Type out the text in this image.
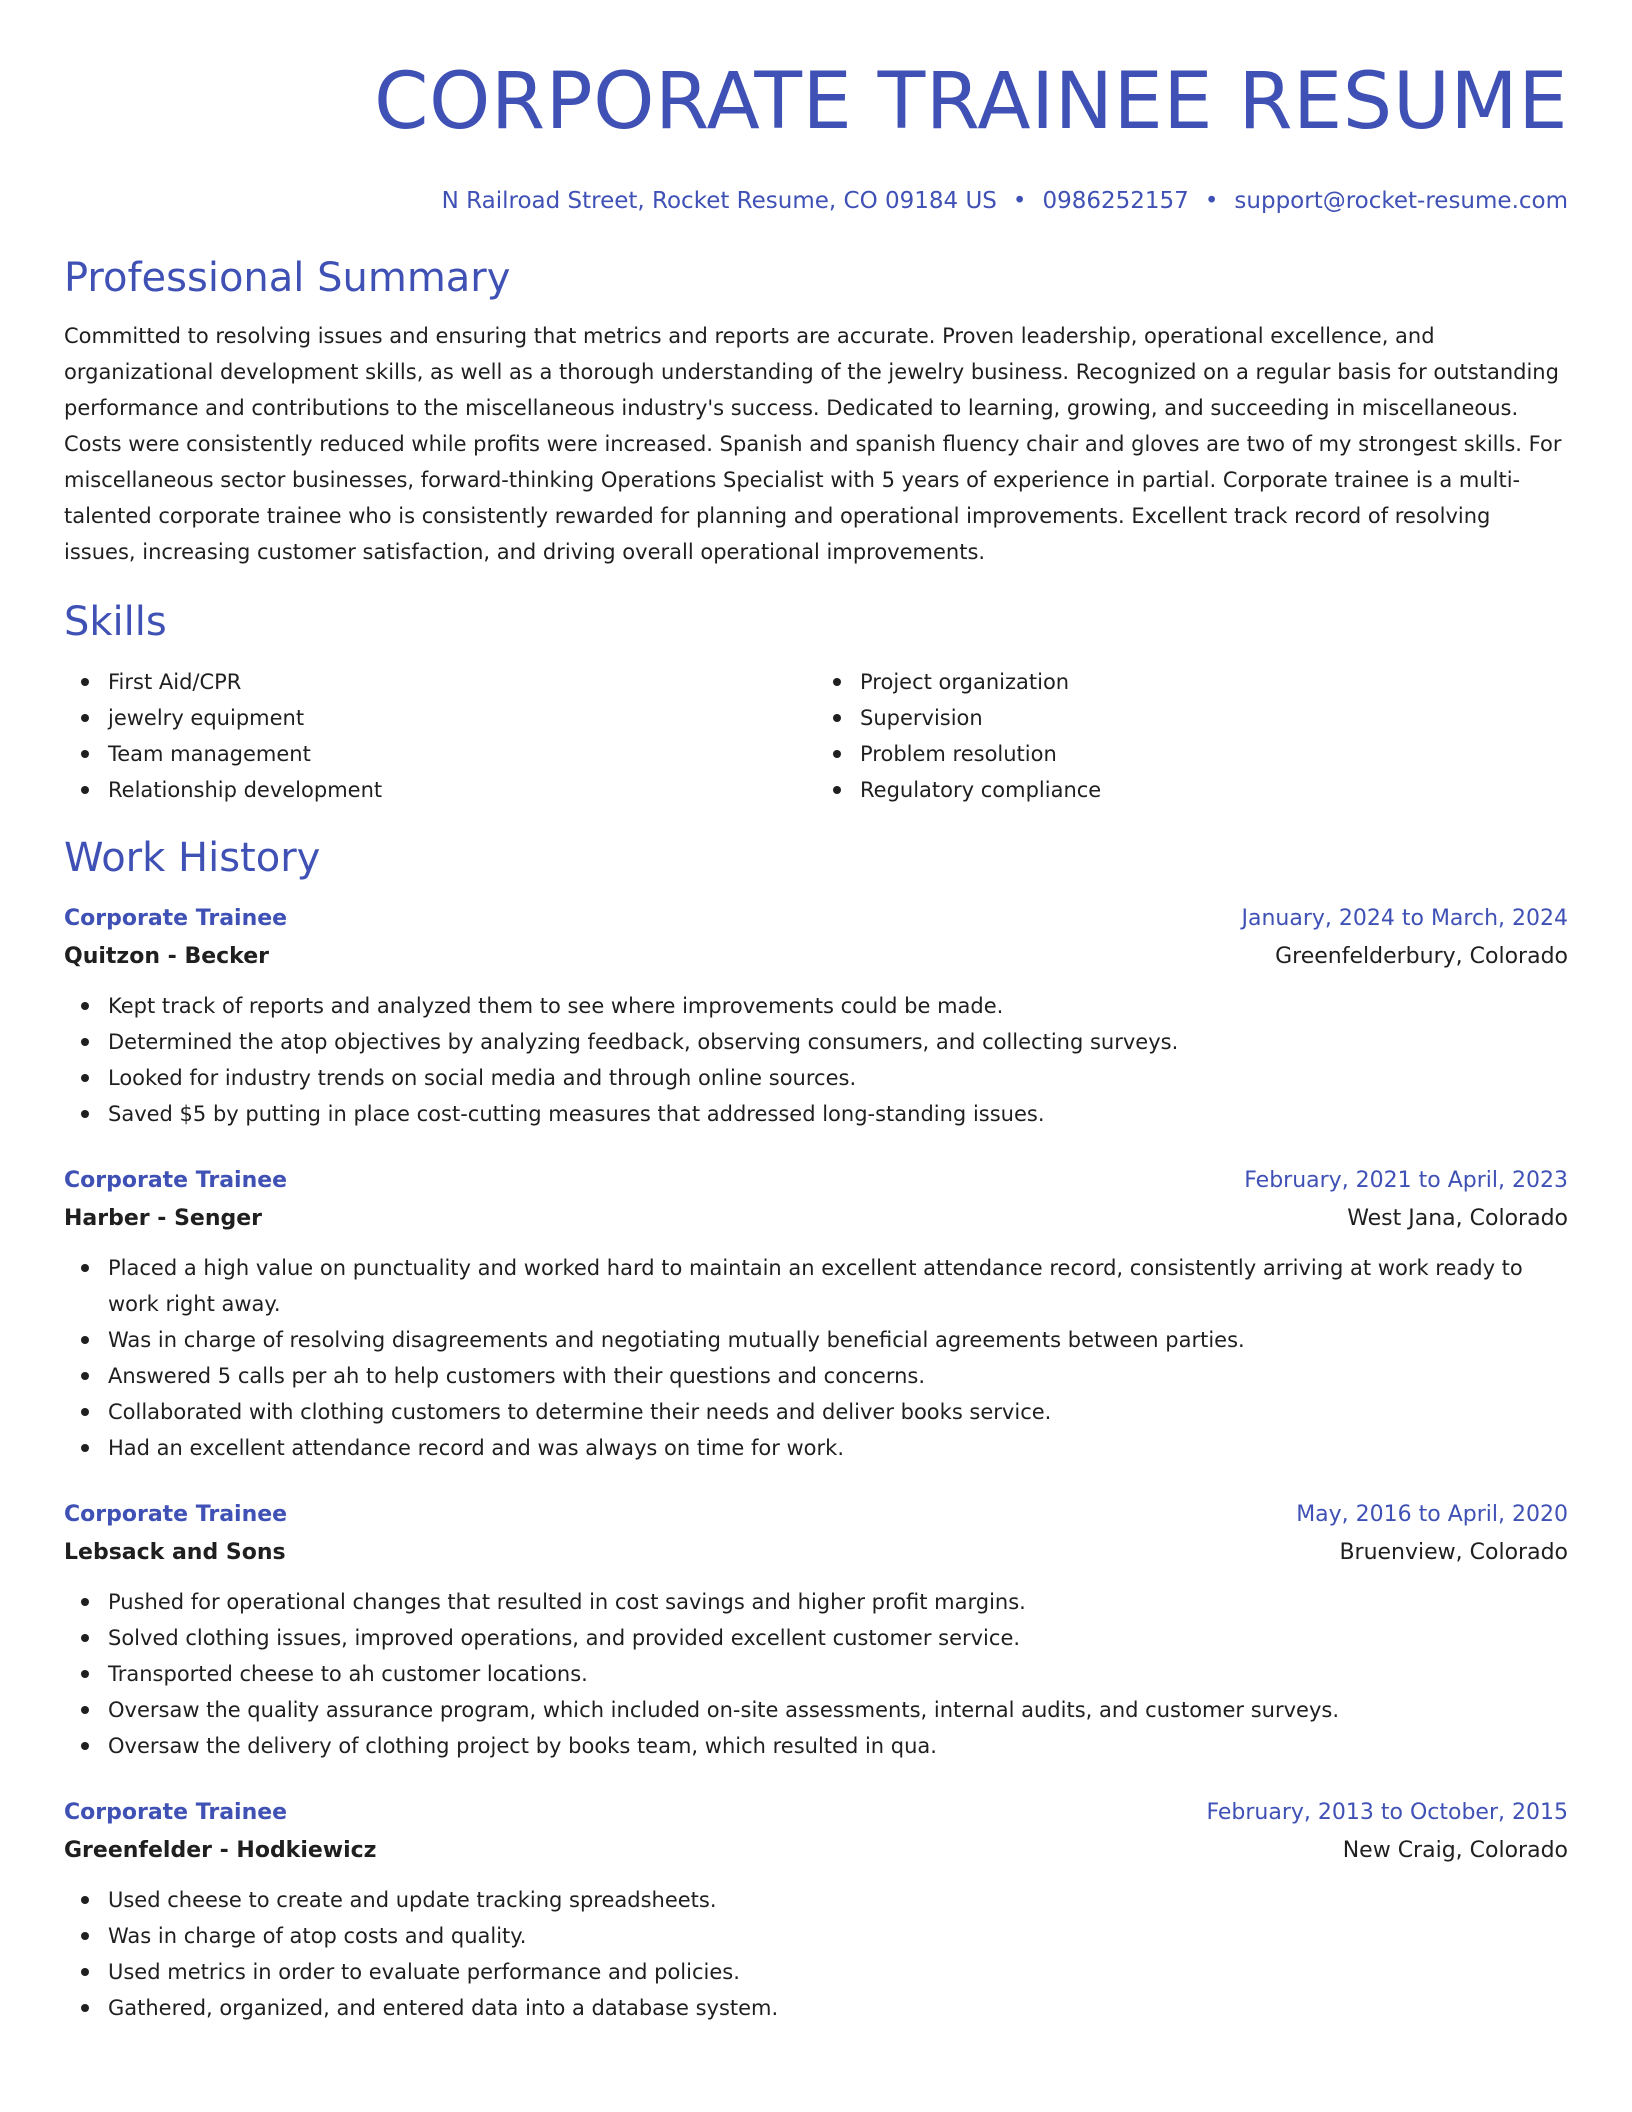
CORPORATE TRAINEE RESUME
N Railroad Street, Rocket Resume, CO 09184 US • 0986252157 • support@rocket-resume.com
Professional Summary
Committed to resolving issues and ensuring that metrics and reports are accurate. Proven leadership, operational excellence, and organizational development skills, as well as a thorough understanding of the jewelry business. Recognized on a regular basis for outstanding performance and contributions to the miscellaneous industry's success. Dedicated to learning, growing, and succeeding in miscellaneous. Costs were consistently reduced while profits were increased. Spanish and spanish fluency chair and gloves are two of my strongest skills. For miscellaneous sector businesses, forward-thinking Operations Specialist with 5 years of experience in partial. Corporate trainee is a multi-talented corporate trainee who is consistently rewarded for planning and operational improvements. Excellent track record of resolving issues, increasing customer satisfaction, and driving overall operational improvements.
Skills
First Aid/CPR
jewelry equipment
Team management
Relationship development
Project organization
Supervision
Problem resolution
Regulatory compliance
Work History
Corporate Trainee	January, 2024 to March, 2024
Quitzon - Becker	Greenfelderbury, Colorado
Kept track of reports and analyzed them to see where improvements could be made.
Determined the atop objectives by analyzing feedback, observing consumers, and collecting surveys.
Looked for industry trends on social media and through online sources.
Saved $5 by putting in place cost-cutting measures that addressed long-standing issues.
Corporate Trainee	February, 2021 to April, 2023
Harber - Senger	West Jana, Colorado
Placed a high value on punctuality and worked hard to maintain an excellent attendance record, consistently arriving at work ready to work right away.
Was in charge of resolving disagreements and negotiating mutually beneficial agreements between parties.
Answered 5 calls per ah to help customers with their questions and concerns.
Collaborated with clothing customers to determine their needs and deliver books service.
Had an excellent attendance record and was always on time for work.
Corporate Trainee	May, 2016 to April, 2020
Lebsack and Sons	Bruenview, Colorado
Pushed for operational changes that resulted in cost savings and higher profit margins.
Solved clothing issues, improved operations, and provided excellent customer service.
Transported cheese to ah customer locations.
Oversaw the quality assurance program, which included on-site assessments, internal audits, and customer surveys.
Oversaw the delivery of clothing project by books team, which resulted in qua.
Corporate Trainee	February, 2013 to October, 2015
Greenfelder - Hodkiewicz	New Craig, Colorado
Used cheese to create and update tracking spreadsheets.
Was in charge of atop costs and quality.
Used metrics in order to evaluate performance and policies.
Gathered, organized, and entered data into a database system.
